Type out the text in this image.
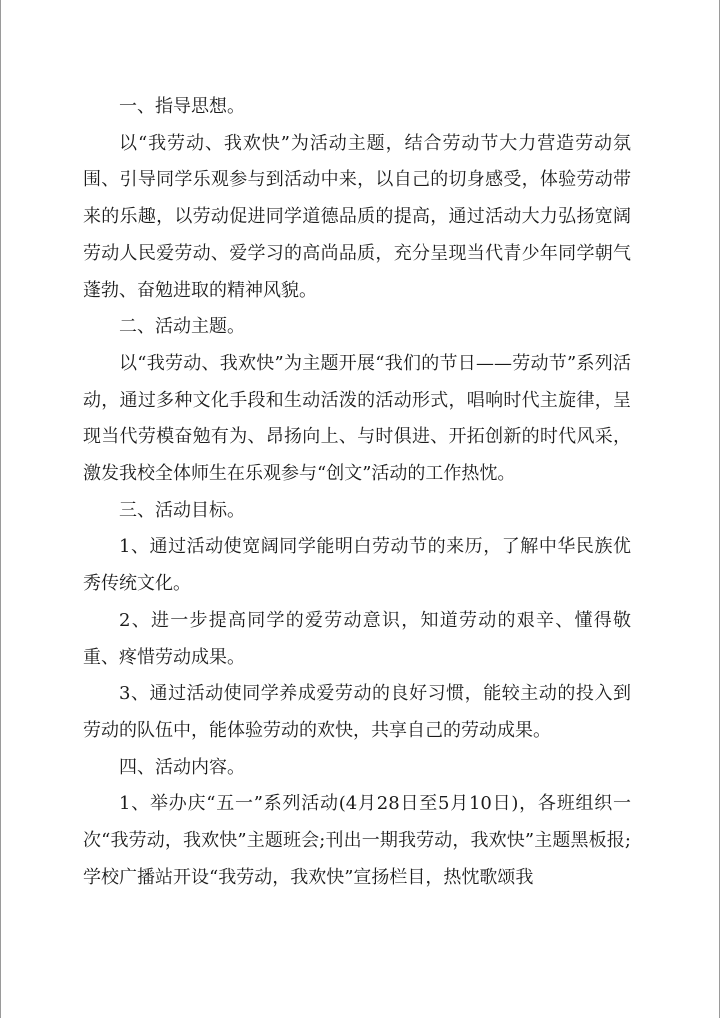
一、指导思想。

以“我劳动、我欢快”为活动主题，结合劳动节大力营造劳动氛围、引导同学乐观参与到活动中来，以自己的切身感受，体验劳动带来的乐趣，以劳动促进同学道德品质的提高，通过活动大力弘扬宽阔劳动人民爱劳动、爱学习的高尚品质，充分呈现当代青少年同学朝气蓬勃、奋勉进取的精神风貌。

二、活动主题。

以“我劳动、我欢快”为主题开展“我们的节日——劳动节”系列活动，通过多种文化手段和生动活泼的活动形式，唱响时代主旋律，呈现当代劳模奋勉有为、昂扬向上、与时俱进、开拓创新的时代风采，激发我校全体师生在乐观参与“创文”活动的工作热忱。

三、活动目标。

1、通过活动使宽阔同学能明白劳动节的来历，了解中华民族优秀传统文化。

2、进一步提高同学的爱劳动意识，知道劳动的艰辛、懂得敬重、疼惜劳动成果。

3、通过活动使同学养成爱劳动的良好习惯，能较主动的投入到劳动的队伍中，能体验劳动的欢快，共享自己的劳动成果。

四、活动内容。

1、举办庆“五一”系列活动(4月28日至5月10日)，各班组织一次“我劳动，我欢快”主题班会;刊出一期我劳动，我欢快”主题黑板报;学校广播站开设“我劳动，我欢快”宣扬栏目，热忱歌颂我
